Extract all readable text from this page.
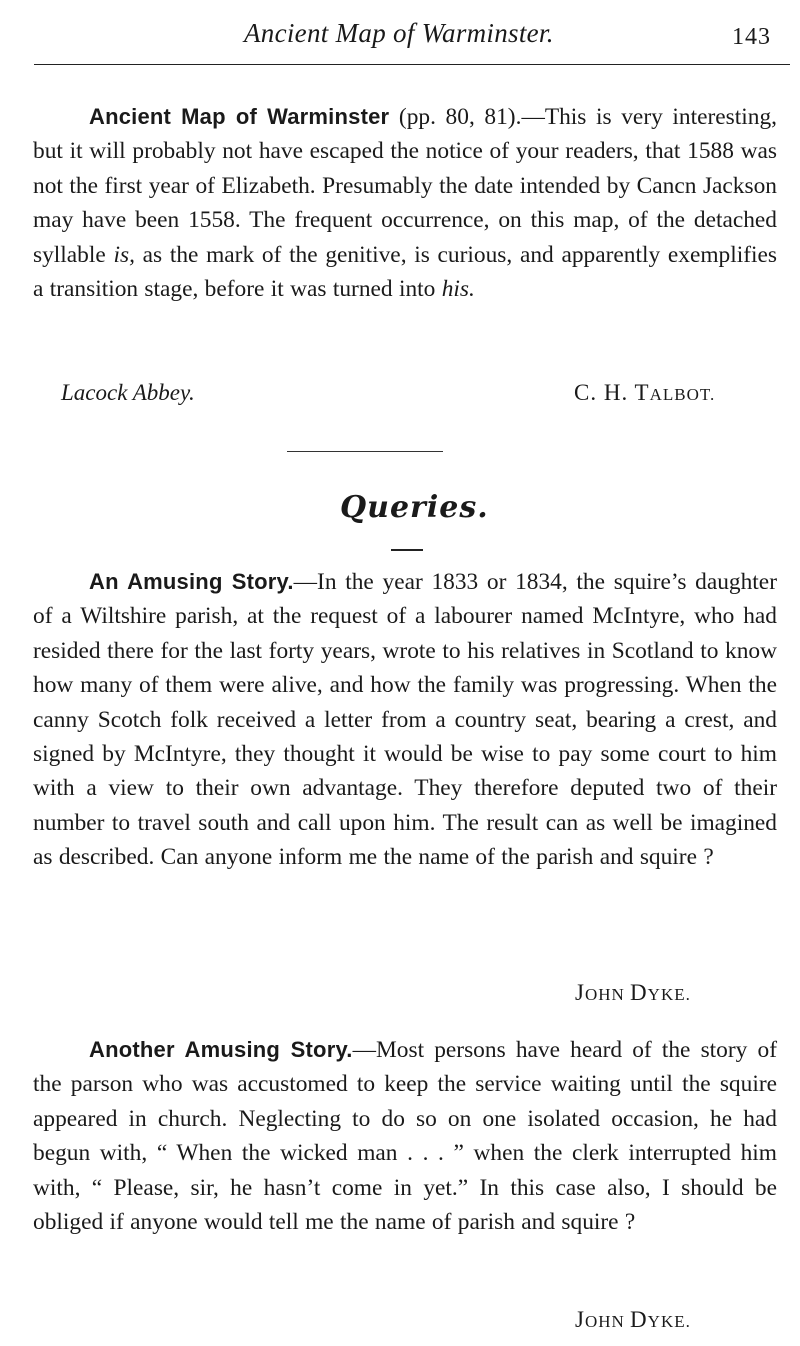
Ancient Map of Warminster.	143

Ancient Map of Warminster (pp. 80, 81).—This is very interesting, but it will probably not have escaped the notice of your readers, that 1588 was not the first year of Elizabeth. Presumably the date intended by Cancn Jackson may have been 1558. The frequent occurrence, on this map, of the detached syllable is, as the mark of the genitive, is curious, and apparently exemplifies a transition stage, before it was turned into his.

Lacock Abbey.	C. H. TALBOT.
Queries.

An Amusing Story.—In the year 1833 or 1834, the squire’s daughter of a Wiltshire parish, at the request of a labourer named McIntyre, who had resided there for the last forty years, wrote to his relatives in Scotland to know how many of them were alive, and how the family was progressing. When the canny Scotch folk received a letter from a country seat, bearing a crest, and signed by McIntyre, they thought it would be wise to pay some court to him with a view to their own advantage. They therefore deputed two of their number to travel south and call upon him. The result can as well be imagined as described. Can anyone inform me the name of the parish and squire ?

JOHN DYKE.

Another Amusing Story.—Most persons have heard of the story of the parson who was accustomed to keep the service waiting until the squire appeared in church. Neglecting to do so on one isolated occasion, he had begun with, “ When the wicked man . . . ” when the clerk interrupted him with, “ Please, sir, he hasn’t come in yet.” In this case also, I should be obliged if anyone would tell me the name of parish and squire ?

JOHN DYKE.
